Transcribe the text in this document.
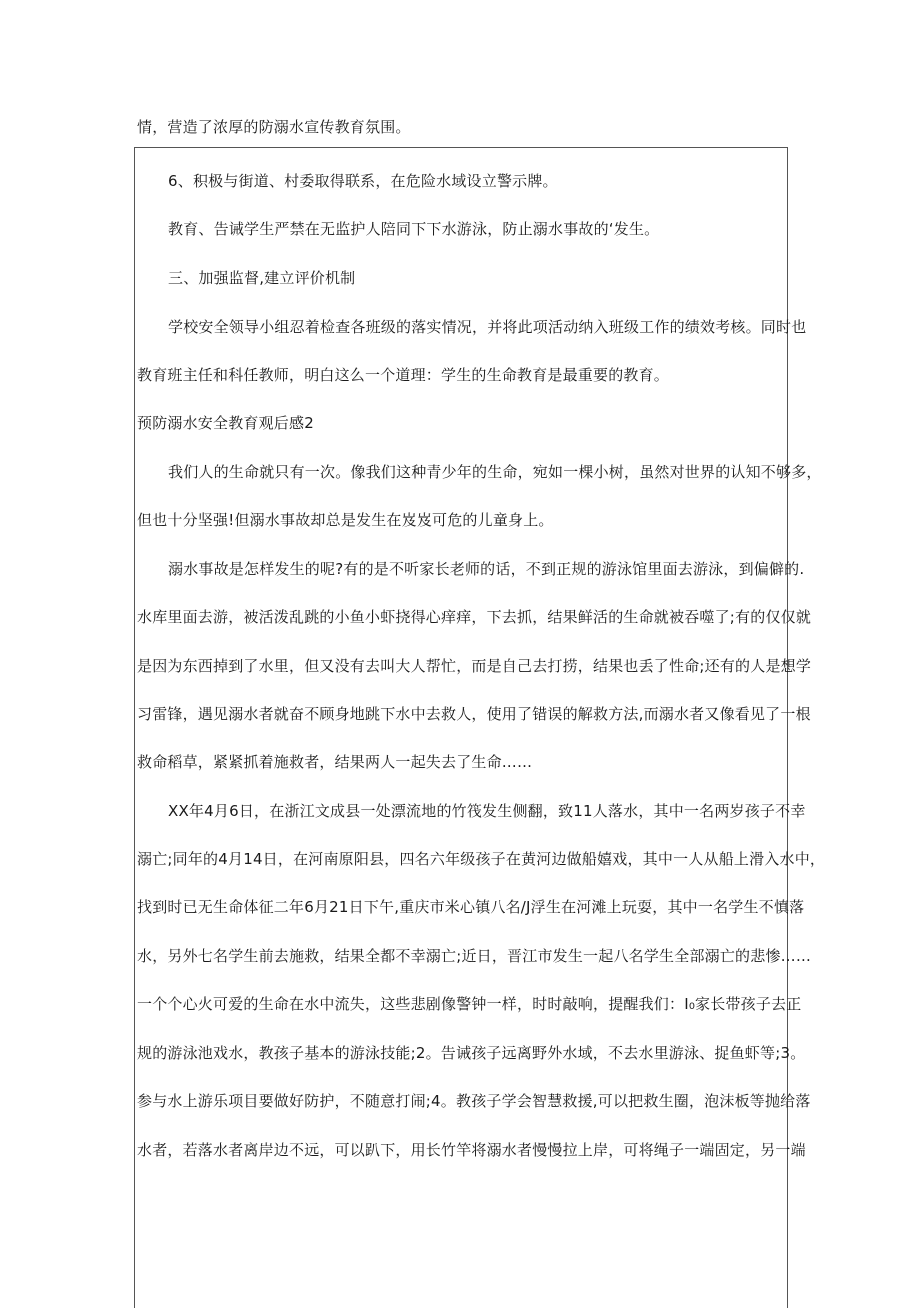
情，营造了浓厚的防溺水宣传教育氛围。
6、积极与街道、村委取得联系，在危险水域设立警示牌。
教育、告诫学生严禁在无监护人陪同下下水游泳，防止溺水事故的‘发生。
三、加强监督,建立评价机制
学校安全领导小组忍着检查各班级的落实情况，并将此项活动纳入班级工作的绩效考核。同时也
教育班主任和科任教师，明白这么一个道理：学生的生命教育是最重要的教育。
预防溺水安全教育观后感2
我们人的生命就只有一次。像我们这种青少年的生命，宛如一棵小树，虽然对世界的认知不够多，
但也十分坚强!但溺水事故却总是发生在岌岌可危的儿童身上。
溺水事故是怎样发生的呢?有的是不听家长老师的话，不到正规的游泳馆里面去游泳，到偏僻的.
水库里面去游，被活泼乱跳的小鱼小虾挠得心痒痒，下去抓，结果鲜活的生命就被吞噬了;有的仅仅就
是因为东西掉到了水里，但又没有去叫大人帮忙，而是自己去打捞，结果也丢了性命;还有的人是想学
习雷锋，遇见溺水者就奋不顾身地跳下水中去救人，使用了错误的解救方法,而溺水者又像看见了一根
救命稻草，紧紧抓着施救者，结果两人一起失去了生命……
XX年4月6日，在浙江文成县一处漂流地的竹筏发生侧翻，致11人落水，其中一名两岁孩子不幸
溺亡;同年的4月14日，在河南原阳县，四名六年级孩子在黄河边做船嬉戏，其中一人从船上滑入水中，
找到时已无生命体征二年6月21日下午,重庆市米心镇八名/J浮生在河滩上玩耍，其中一名学生不慎落
水，另外七名学生前去施救，结果全都不幸溺亡;近日，晋江市发生一起八名学生全部溺亡的悲惨……
一个个心火可爱的生命在水中流失，这些悲剧像警钟一样，时时敲响，提醒我们：I₀家长带孩子去正
规的游泳池戏水，教孩子基本的游泳技能;2。告诫孩子远离野外水域，不去水里游泳、捉鱼虾等;3。
参与水上游乐项目要做好防护，不随意打闹;4。教孩子学会智慧救援,可以把救生圈，泡沫板等抛给落
水者，若落水者离岸边不远，可以趴下，用长竹竿将溺水者慢慢拉上岸，可将绳子一端固定，另一端
